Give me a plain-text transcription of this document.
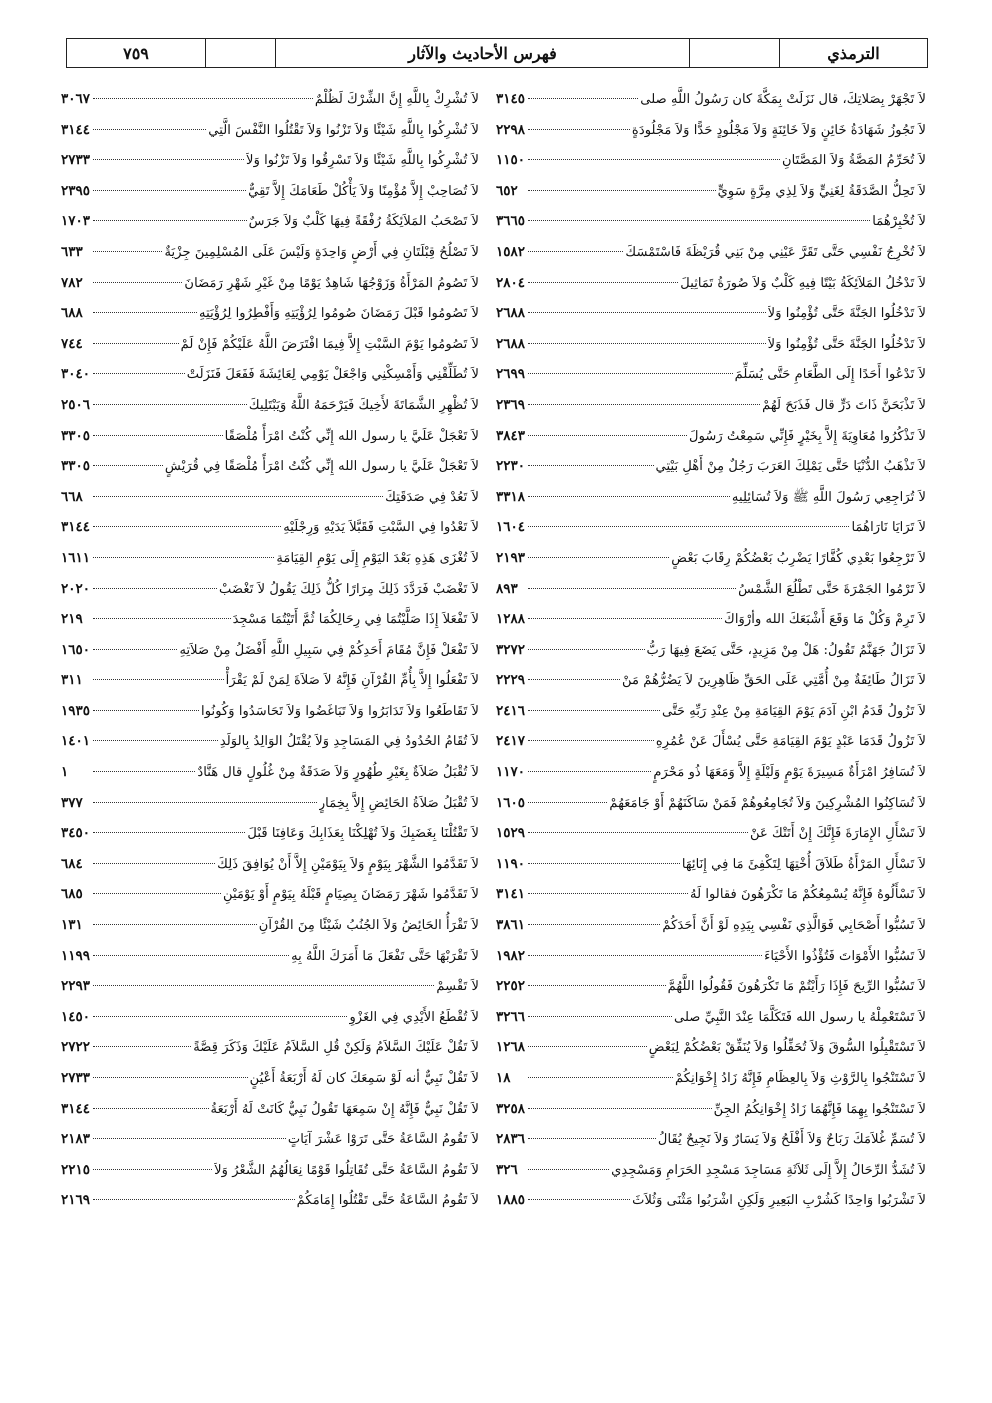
الترمذي
فهرس الأحاديث والآثار
٧٥٩
لاَ تَجْهَرْ بِصَلاتِكَ، قال نَزَلَتْ بِمَكَّةَ كان رَسُولُ اللَّهِ صلى
٣١٤٥
لاَ تَجُوزُ شَهَادَةُ خَائِنٍ وَلاَ خَائِنَةٍ وَلاَ مَجْلُودٍ حَدًّا وَلاَ مَجْلُودَةٍ
٢٢٩٨
لاَ تُحَرِّمُ المَصَّةُ وَلاَ المَصَّتَانِ
١١٥٠
لاَ تَحِلُّ الصَّدَقَةُ لِغَنِيٍّ وَلاَ لِذِي مِرَّةٍ سَوِيٍّ
٦٥٢
لاَ تُخْبِرْهُمَا
٣٦٦٥
لاَ تُخْرِجُ نَفْسِي حَتَّى تَقَرَّ عَيْنِي مِنْ بَنِي قُرَيْظَةَ فَاسْتَمْسَكَ
١٥٨٢
لاَ تَدْخُلُ المَلاَئِكَةُ بَيْتًا فِيهِ كَلْبٌ وَلاَ صُورَةُ تَمَاثِيلَ
٢٨٠٤
لاَ تَدْخُلُوا الجَنَّةَ حَتَّى تُؤْمِنُوا وَلاَ
٢٦٨٨
لاَ تَدْخُلُوا الجَنَّةَ حَتَّى تُؤْمِنُوا وَلاَ
٢٦٨٨
لاَ تَدْعُوا أَحَدًا إِلَى الطَّعَامِ حَتَّى يُسَلِّمَ
٢٦٩٩
لاَ تَذْبَحَنَّ ذَاتَ دَرٍّ قال فَذَبَحَ لَهُمْ
٢٣٦٩
لاَ تَذْكُرُوا مُعَاوِيَةَ إِلاَّ بِخَيْرٍ فَإِنِّي سَمِعْتُ رَسُولَ
٣٨٤٣
لاَ تَذْهَبُ الدُّنْيَا حَتَّى يَمْلِكَ العَرَبَ رَجُلٌ مِنْ أَهْلِ بَيْتِي
٢٢٣٠
لاَ تُرَاجِعِي رَسُولَ اللَّهِ ﷺ وَلاَ تُسَائِلِيهِ
٣٣١٨
لاَ تَرَايَا نَارَاهُمَا
١٦٠٤
لاَ تَرْجِعُوا بَعْدِي كُفَّارًا يَضْرِبُ بَعْضُكُمْ رِقَابَ بَعْضٍ
٢١٩٣
لاَ تَرْمُوا الجَمْرَةَ حَتَّى تَطْلُعَ الشَّمْسُ
٨٩٣
لاَ تَرِمْ وَكُلْ مَا وَقَعَ أَشْبَعَكَ الله وأرْوَاكَ
١٢٨٨
لاَ تَزَالُ جَهَنَّمُ تَقُولُ: هَلْ مِنْ مَزِيدٍ، حَتَّى يَضَعَ فِيهَا رَبُّ
٣٢٧٢
لاَ تَزَالُ طَائِفَةٌ مِنْ أُمَّتِي عَلَى الحَقِّ ظَاهِرِينَ لاَ يَضُرُّهُمْ مَنْ
٢٢٢٩
لاَ تَزُولُ قَدَمُ ابْنِ آدَمَ يَوْمَ القِيَامَةِ مِنْ عِنْدِ رَبِّهِ حَتَّى
٢٤١٦
لاَ تَزُولُ قَدَمَا عَبْدٍ يَوْمَ القِيَامَةِ حَتَّى يُسْأَلَ عَنْ عُمُرِهِ
٢٤١٧
لاَ تُسَافِرُ امْرَأَةٌ مَسِيرَةَ يَوْمٍ وَلَيْلَةٍ إِلاَّ وَمَعَهَا ذُو مَحْرَمٍ
١١٧٠
لاَ تُسَاكِنُوا المُشْرِكِينَ وَلاَ تُجَامِعُوهُمْ فَمَنْ سَاكَنَهُمْ أَوْ جَامَعَهُمْ
١٦٠٥
لاَ تَسْأَلِ الإِمَارَةَ فَإِنَّكَ إِنْ أَتَتْكَ عَنْ
١٥٢٩
لاَ تَسْأَلِ المَرْأَةُ طَلاَقَ أُخْتِهَا لِتَكْفِئَ مَا فِي إِنَائِهَا
١١٩٠
لاَ تَسْأَلُوهُ فَإِنَّهُ يُسْمِعُكُمْ مَا تَكْرَهُونَ فقالوا لَهُ
٣١٤١
لاَ تَسُبُّوا أَصْحَابِي فَوَالَّذِي نَفْسِي بِيَدِهِ لَوْ أَنَّ أَحَدَكُمْ
٣٨٦١
لاَ تَسُبُّوا الأَمْوَاتَ فَتُؤْذُوا الأَحْيَاءَ
١٩٨٢
لاَ تَسُبُّوا الرِّيحَ فَإِذَا رَأَيْتُمْ مَا تَكْرَهُونَ فَقُولُوا اللَّهُمَّ
٢٢٥٢
لاَ تَسْتَعْمِلْهُ يا رسول الله فَتَكَلَّمَا عِنْدَ النَّبِيِّ صلى
٣٢٦٦
لاَ تَسْتَقْبِلُوا السُّوقَ وَلاَ تُحَفِّلُوا وَلاَ يُنَفِّقْ بَعْضُكُمْ لِبَعْضٍ
١٢٦٨
لاَ تَسْتَنْجُوا بِالرَّوْثِ وَلاَ بِالعِظَامِ فَإِنَّهُ زَادُ إِخْوَانِكُمْ
١٨
لاَ تَسْتَنْجُوا بِهِمَا فَإِنَّهُمَا زَادُ إِخْوَانِكُمُ الجِنِّ
٣٢٥٨
لاَ تُسَمِّ غُلاَمَكَ رَبَاحٌ وَلاَ أَفْلَحُ وَلاَ يَسَارٌ وَلاَ نَجِيحٌ يُقَالُ
٢٨٣٦
لاَ تُشَدُّ الرِّحَالُ إِلاَّ إِلَى ثَلاَثَةِ مَسَاجِدَ مَسْجِدِ الحَرَامِ وَمَسْجِدِي
٣٢٦
لاَ تَشْرَبُوا وَاحِدًا كَشُرْبِ البَعِيرِ وَلَكِنِ اشْرَبُوا مَثْنَى وَثُلاَثَ
١٨٨٥
لاَ تُشْرِكْ بِاللَّهِ إِنَّ الشِّرْكَ لَظُلْمٌ
٣٠٦٧
لاَ تُشْرِكُوا بِاللَّهِ شَيْئًا وَلاَ تَزْنُوا وَلاَ تَقْتُلُوا النَّفْسَ الَّتِي
٣١٤٤
لاَ تُشْرِكُوا بِاللَّهِ شَيْئًا وَلاَ تَسْرِقُوا وَلاَ تَزْنُوا وَلاَ
٢٧٣٣
لاَ تُصَاحِبْ إِلاَّ مُؤْمِنًا وَلاَ يَأْكُلْ طَعَامَكَ إِلاَّ تَقِيٌّ
٢٣٩٥
لاَ تَصْحَبُ المَلاَئِكَةُ رُفْقَةً فِيهَا كَلْبٌ وَلاَ جَرَسٌ
١٧٠٣
لاَ تَصْلُحُ قِبْلَتَانِ فِي أَرْضٍ وَاحِدَةٍ وَلَيْسَ عَلَى المُسْلِمِينَ جِزْيَةٌ
٦٣٣
لاَ تَصُومُ المَرْأَةُ وَزَوْجُهَا شَاهِدٌ يَوْمًا مِنْ غَيْرِ شَهْرِ رَمَضَانَ
٧٨٢
لاَ تَصُومُوا قَبْلَ رَمَضَانَ صُومُوا لِرُؤْيَتِهِ وَأَفْطِرُوا لِرُؤْيَتِهِ
٦٨٨
لاَ تَصُومُوا يَوْمَ السَّبْتِ إِلاَّ فِيمَا افْتَرَضَ اللَّهُ عَلَيْكُمْ فَإِنْ لَمْ
٧٤٤
لاَ تُطَلِّقْنِي وَأَمْسِكْنِي وَاجْعَلْ يَوْمِي لِعَائِشَةَ فَفَعَلَ فَنَزَلَتْ
٣٠٤٠
لاَ تُظْهِرِ الشَّمَاتَةَ لأَخِيكَ فَيَرْحَمَهُ اللَّهُ وَيَبْتَلِيكَ
٢٥٠٦
لاَ تَعْجَلْ عَلَيَّ يا رسول الله إِنِّي كُنْتُ امْرَأً مُلْصَقًا
٣٣٠٥
لاَ تَعْجَلْ عَلَيَّ يا رسول الله إِنِّي كُنْتُ امْرَأً مُلْصَقًا فِي قُرَيْشٍ
٣٣٠٥
لاَ تَعُدْ فِي صَدَقَتِكَ
٦٦٨
لاَ تَعْدُوا فِي السَّبْتِ فَقَبَّلاَ يَدَيْهِ وَرِجْلَيْهِ
٣١٤٤
لاَ تُغْزَى هَذِهِ بَعْدَ اليَوْمِ إِلَى يَوْمِ القِيَامَةِ
١٦١١
لاَ تَغْضَبْ فَرَدَّدَ ذَلِكَ مِرَارًا كُلُّ ذَلِكَ يَقُولُ لاَ تَغْضَبْ
٢٠٢٠
لاَ تَفْعَلاَ إِذَا صَلَّيْتُمَا فِي رِحَالِكُمَا ثُمَّ أَتَيْتُمَا مَسْجِدَ
٢١٩
لاَ تَفْعَلْ فَإِنَّ مُقَامَ أَحَدِكُمْ فِي سَبِيلِ اللَّهِ أَفْضَلُ مِنْ صَلاَتِهِ
١٦٥٠
لاَ تَفْعَلُوا إِلاَّ بِأُمِّ القُرْآنِ فَإِنَّهُ لاَ صَلاَةَ لِمَنْ لَمْ يَقْرَأْ
٣١١
لاَ تَقَاطَعُوا وَلاَ تَدَابَرُوا وَلاَ تَبَاغَضُوا وَلاَ تَحَاسَدُوا وَكُونُوا
١٩٣٥
لاَ تُقَامُ الحُدُودُ فِي المَسَاجِدِ وَلاَ يُقْتَلُ الوَالِدُ بِالوَلَدِ
١٤٠١
لاَ تُقْبَلُ صَلاَةٌ بِغَيْرِ طُهُورٍ وَلاَ صَدَقَةٌ مِنْ غُلُولٍ قال هَنَّادٌ
١
لاَ تُقْبَلُ صَلاَةُ الحَائِضِ إِلاَّ بِخِمَارٍ
٣٧٧
لاَ تَقْتُلْنَا بِغَضَبِكَ وَلاَ تُهْلِكْنَا بِعَذَابِكَ وَعَافِنَا قَبْلَ
٣٤٥٠
لاَ تَقَدَّمُوا الشَّهْرَ بِيَوْمٍ وَلاَ بِيَوْمَيْنِ إِلاَّ أَنْ يُوَافِقَ ذَلِكَ
٦٨٤
لاَ تَقَدَّمُوا شَهْرَ رَمَضَانَ بِصِيَامٍ قَبْلَهُ بِيَوْمٍ أَوْ يَوْمَيْنِ
٦٨٥
لاَ تَقْرَأُ الحَائِضُ وَلاَ الجُنُبُ شَيْئًا مِنَ القُرْآنِ
١٣١
لاَ تَقْرَبْهَا حَتَّى تَفْعَلَ مَا أَمَرَكَ اللَّهُ بِهِ
١١٩٩
لاَ تَقْسِمْ
٢٢٩٣
لاَ تُقْطَعُ الأَيْدِي فِي الغَزْوِ
١٤٥٠
لاَ تَقُلْ عَلَيْكَ السَّلاَمُ وَلَكِنْ قُلِ السَّلاَمُ عَلَيْكَ وَذَكَرَ قِصَّةً
٢٧٢٢
لاَ تَقُلْ نَبِيٌّ أنه لَوْ سَمِعَكَ كان لَهُ أَرْبَعَةُ أَعْيُنٍ
٢٧٣٣
لاَ تَقُلْ نَبِيٌّ فَإِنَّهُ إِنْ سَمِعَهَا تَقُولُ نَبِيٌّ كَانَتْ لَهُ أَرْبَعَةُ
٣١٤٤
لاَ تَقُومُ السَّاعَةُ حَتَّى تَرَوْا عَشْرَ آيَاتٍ
٢١٨٣
لاَ تَقُومُ السَّاعَةُ حَتَّى تُقَاتِلُوا قَوْمًا نِعَالُهُمُ الشَّعْرُ وَلاَ
٢٢١٥
لاَ تَقُومُ السَّاعَةُ حَتَّى تَقْتُلُوا إِمَامَكُمْ
٢١٦٩
